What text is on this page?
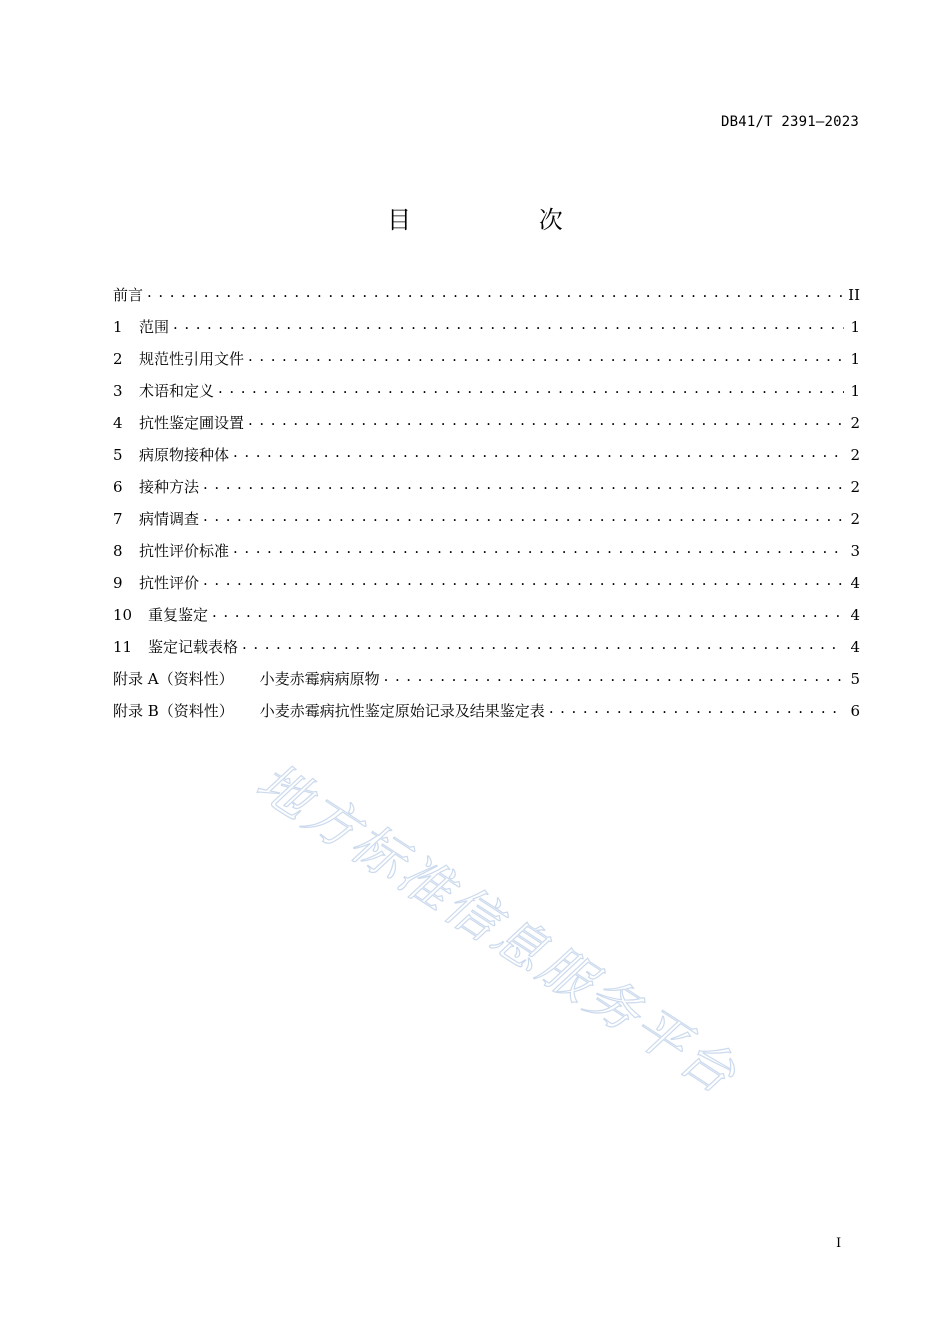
DB41/T 2391—2023
目 次
前言 . . .	II
1	范围 . . .	1
2	规范性引用文件 . . .	1
3	术语和定义 . . .	1
4	抗性鉴定圃设置 . . .	2
5	病原物接种体 . . .	2
6	接种方法 . . .	2
7	病情调查 . . .	2
8	抗性评价标准 . . .	3
9	抗性评价 . . .	4
10	重复鉴定 . . .	4
11	鉴定记载表格 . . .	4
附录 A（资料性） 小麦赤霉病病原物 . . .	5
附录 B（资料性） 小麦赤霉病抗性鉴定原始记录及结果鉴定表 . . .	6
地方标准信息服务平台
I
